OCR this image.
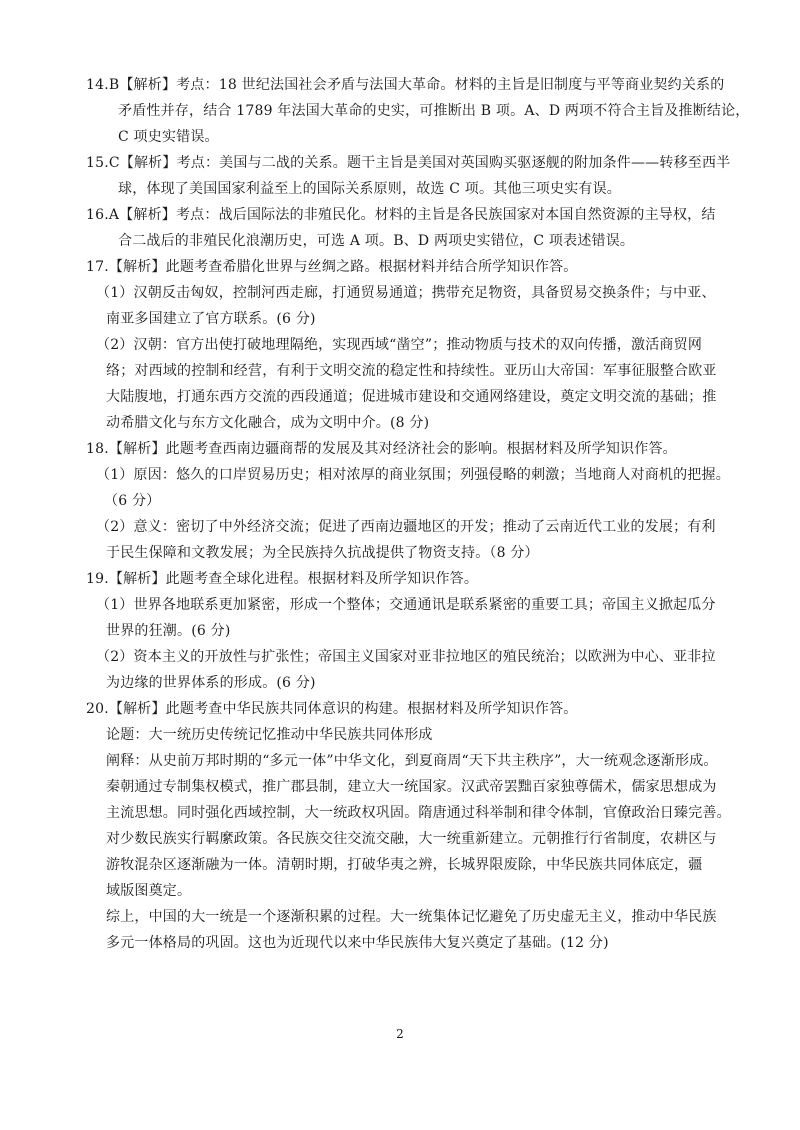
14.B【解析】考点：18 世纪法国社会矛盾与法国大革命。材料的主旨是旧制度与平等商业契约关系的
矛盾性并存，结合 1789 年法国大革命的史实，可推断出 B 项。A、D 两项不符合主旨及推断结论，
C 项史实错误。
15.C【解析】考点：美国与二战的关系。题干主旨是美国对英国购买驱逐舰的附加条件——转移至西半
球，体现了美国国家利益至上的国际关系原则，故选 C 项。其他三项史实有误。
16.A【解析】考点：战后国际法的非殖民化。材料的主旨是各民族国家对本国自然资源的主导权，结
合二战后的非殖民化浪潮历史，可选 A 项。B、D 两项史实错位，C 项表述错误。
17.【解析】此题考查希腊化世界与丝绸之路。根据材料并结合所学知识作答。
（1）汉朝反击匈奴，控制河西走廊，打通贸易通道；携带充足物资，具备贸易交换条件；与中亚、
南亚多国建立了官方联系。(6 分)
（2）汉朝：官方出使打破地理隔绝，实现西域“凿空”；推动物质与技术的双向传播，激活商贸网
络；对西域的控制和经营，有利于文明交流的稳定性和持续性。亚历山大帝国：军事征服整合欧亚
大陆腹地，打通东西方交流的西段通道；促进城市建设和交通网络建设，奠定文明交流的基础；推
动希腊文化与东方文化融合，成为文明中介。(8 分)
18.【解析】此题考查西南边疆商帮的发展及其对经济社会的影响。根据材料及所学知识作答。
（1）原因：悠久的口岸贸易历史；相对浓厚的商业氛围；列强侵略的刺激；当地商人对商机的把握。
（6 分）
（2）意义：密切了中外经济交流；促进了西南边疆地区的开发；推动了云南近代工业的发展；有利
于民生保障和文教发展；为全民族持久抗战提供了物资支持。（8 分）
19.【解析】此题考查全球化进程。根据材料及所学知识作答。
（1）世界各地联系更加紧密，形成一个整体；交通通讯是联系紧密的重要工具；帝国主义掀起瓜分
世界的狂潮。(6 分)
（2）资本主义的开放性与扩张性；帝国主义国家对亚非拉地区的殖民统治；以欧洲为中心、亚非拉
为边缘的世界体系的形成。(6 分)
20.【解析】此题考查中华民族共同体意识的构建。根据材料及所学知识作答。
论题：大一统历史传统记忆推动中华民族共同体形成
阐释：从史前万邦时期的“多元一体”中华文化，到夏商周“天下共主秩序”，大一统观念逐渐形成。
秦朝通过专制集权模式，推广郡县制，建立大一统国家。汉武帝罢黜百家独尊儒术，儒家思想成为
主流思想。同时强化西域控制，大一统政权巩固。隋唐通过科举制和律令体制，官僚政治日臻完善。
对少数民族实行羁縻政策。各民族交往交流交融，大一统重新建立。元朝推行行省制度，农耕区与
游牧混杂区逐渐融为一体。清朝时期，打破华夷之辨，长城界限废除，中华民族共同体底定，疆
域版图奠定。
综上，中国的大一统是一个逐渐积累的过程。大一统集体记忆避免了历史虚无主义，推动中华民族
多元一体格局的巩固。这也为近现代以来中华民族伟大复兴奠定了基础。(12 分)
2
